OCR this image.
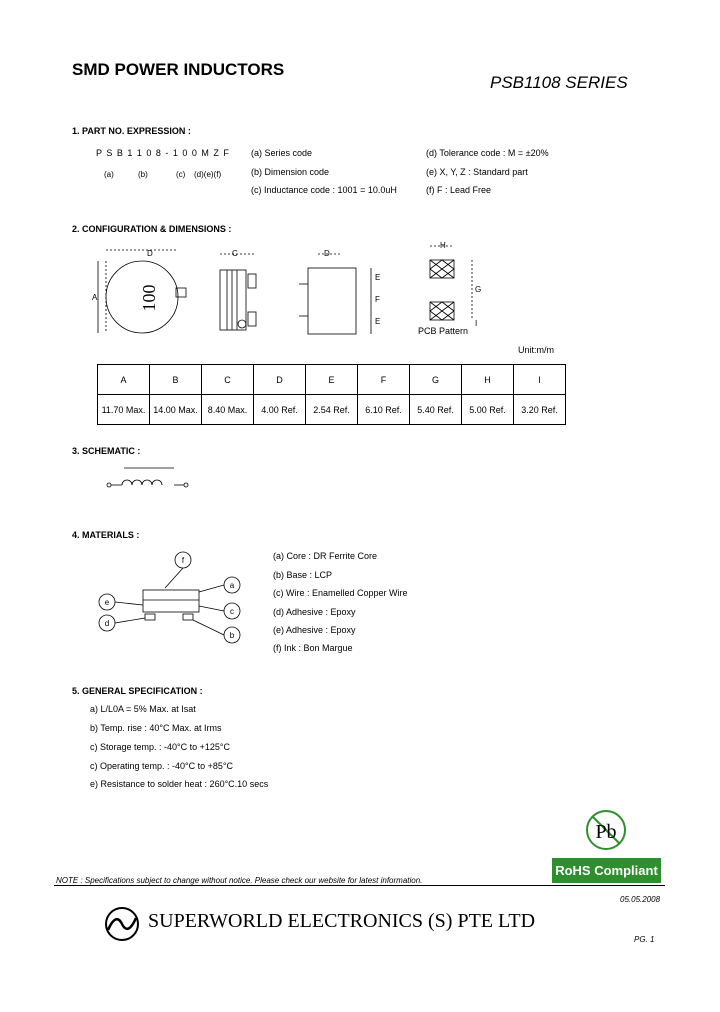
SMD POWER INDUCTORS
PSB1108 SERIES
1. PART NO. EXPRESSION :
P S B 1 1 0 8 - 1 0 0 M Z F
(a)	(b)	(c) (d)(e)(f)
(a) Series code
(b) Dimension code
(c) Inductance code : 1001 = 10.0uH
(d) Tolerance code : M = ±20%
(e) X, Y, Z : Standard part
(f) F : Lead Free
2. CONFIGURATION & DIMENSIONS :
100
D
A
C	D
E
F
E
H
G
I
PCB Pattern
Unit:m/m
A	B	C	D	E	F	G	H	I
11.70 Max.	14.00 Max.	8.40 Max.	4.00 Ref.	2.54 Ref.	6.10 Ref.	5.40 Ref.	5.00 Ref.	3.20 Ref.
3. SCHEMATIC :
4. MATERIALS :
f
a
e
c
d
b
(a) Core : DR Ferrite Core
(b) Base : LCP
(c) Wire : Enamelled Copper Wire
(d) Adhesive : Epoxy
(e) Adhesive : Epoxy
(f) Ink : Bon Margue
5. GENERAL SPECIFICATION :
a) L/L0A = 5% Max. at Isat
b) Temp. rise : 40°C Max. at Irms
c) Storage temp. : -40°C to +125°C
c) Operating temp. : -40°C to +85°C
e) Resistance to solder heat : 260°C.10 secs
Pb
RoHS Compliant
NOTE : Specifications subject to change without notice. Please check our website for latest information.
05.05.2008
SUPERWORLD ELECTRONICS (S) PTE LTD
PG. 1
